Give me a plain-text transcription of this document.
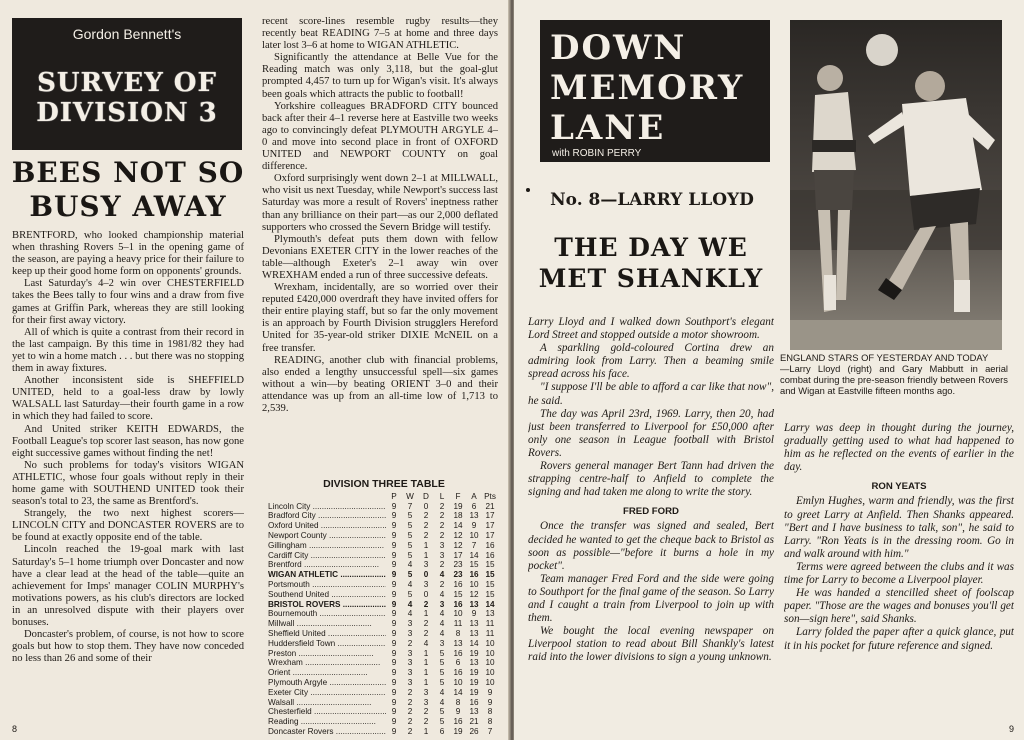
Gordon Bennett's
SURVEY OF
DIVISION 3
BEES NOT SO
BUSY AWAY

BRENTFORD, who looked championship material when thrashing Rovers 5–1 in the opening game of the season, are paying a heavy price for their failure to keep up their good home form on opponents' grounds.

Last Saturday's 4–2 win over CHESTERFIELD takes the Bees tally to four wins and a draw from five games at Griffin Park, whereas they are still looking for their first away victory.

All of which is quite a contrast from their record in the last campaign. By this time in 1981/82 they had yet to win a home match . . . but there was no stopping them in away fixtures.

Another inconsistent side is SHEFFIELD UNITED, held to a goal-less draw by lowly WALSALL last Saturday—their fourth game in a row in which they had failed to score.

And United striker KEITH EDWARDS, the Football League's top scorer last season, has now gone eight successive games without finding the net!

No such problems for today's visitors WIGAN ATHLETIC, whose four goals without reply in their home game with SOUTHEND UNITED took their season's total to 23, the same as Brentford's.

Strangely, the two next highest scorers—LINCOLN CITY and DONCASTER ROVERS are to be found at exactly opposite end of the table.

Lincoln reached the 19-goal mark with last Saturday's 5–1 home triumph over Doncaster and now have a clear lead at the head of the table—quite an achievement for Imps' manager COLIN MURPHY's motivations powers, as his club's directors are locked in an unresolved dispute with their players over bonuses.

Doncaster's problem, of course, is not how to score goals but how to stop them. They have now conceded no less than 26 and some of their

recent score-lines resemble rugby results—they recently beat READING 7–5 at home and three days later lost 3–6 at home to WIGAN ATHLETIC.

Significantly the attendance at Belle Vue for the Reading match was only 3,118, but the goal-glut prompted 4,457 to turn up for Wigan's visit. It's always been goals which attracts the public to football!

Yorkshire colleagues BRADFORD CITY bounced back after their 4–1 reverse here at Eastville two weeks ago to convincingly defeat PLYMOUTH ARGYLE 4–0 and move into second place in front of OXFORD UNITED and NEWPORT COUNTY on goal difference.

Oxford surprisingly went down 2–1 at MILLWALL, who visit us next Tuesday, while Newport's success last Saturday was more a result of Rovers' ineptness rather than any brilliance on their part—as our 2,000 deflated supporters who crossed the Severn Bridge will testify.

Plymouth's defeat puts them down with fellow Devonians EXETER CITY in the lower reaches of the table—although Exeter's 2–1 away win over WREXHAM ended a run of three successive defeats.

Wrexham, incidentally, are so worried over their reputed £420,000 overdraft they have invited offers for their entire playing staff, but so far the only movement is an approach by Fourth Division strugglers Hereford United for 35-year-old striker DIXIE McNEIL on a free transfer.

READING, another club with financial problems, also ended a lengthy unsuccessful spell—six games without a win—by beating ORIENT 3–0 and their attendance was up from an all-time low of 1,713 to 2,539.

DIVISION THREE TABLE
P	W	D	L	F	A Pts
Lincoln City .....	9	7	0	2	19	6	21
Bradford City .....	9	5	2	2	18 13 17
Oxford United .....	9	5	2	2	14	9	17
Newport County .....	9	5	2	2	12 10 17
Gillingham .....	9	5	1	3	12	7	16
Cardiff City .....	9	5	1	3	17 14 16
Brentford .....	9	4	3	2	23 15 15
WIGAN ATHLETIC .....	9	5	0	4	23 16 15
Portsmouth .....	9	4	3	2	16 10 15
Southend United .....	9	5	0	4	15 12 15
BRISTOL ROVERS .....	9	4	2	3	16 13 14
Bournemouth .....	9	4	1	4	10	9	13
Millwall .....	9	3	2	4	11 13 11
Sheffield United .....	9	3	2	4	8	13 11
Huddersfield Town .....	9	2	4	3	13 14 10
Preston .....	9	3	1	5	16 19 10
Wrexham .....	9	3	1	5	6	13 10
Orient .....	9	3	1	5	16 19 10
Plymouth Argyle .....	9	3	1	5	10 19 10
Exeter City .....	9	2	3	4	14 19	9
Walsall .....	9	2	3	4	8	16	9
Chesterfield .....	9	2	2	5	9	13	8
Reading .....	9	2	2	5	16 21	8
Doncaster Rovers .....	9	2	1	6	19 26	7
8
DOWN
MEMORY
LANE
with ROBIN PERRY
No. 8—LARRY LLOYD
THE DAY WE
MET SHANKLY

Larry Lloyd and I walked down Southport's elegant Lord Street and stopped outside a motor showroom.

A sparkling gold-coloured Cortina drew an admiring look from Larry. Then a beaming smile spread across his face.

"I suppose I'll be able to afford a car like that now", he said.

The day was April 23rd, 1969. Larry, then 20, had just been transferred to Liverpool for £50,000 after only one season in League football with Bristol Rovers.

Rovers general manager Bert Tann had driven the strapping centre-half to Anfield to complete the signing and had taken me along to write the story.

FRED FORD

Once the transfer was signed and sealed, Bert decided he wanted to get the cheque back to Bristol as soon as possible—"before it burns a hole in my pocket".

Team manager Fred Ford and the side were going to Southport for the final game of the season. So Larry and I caught a train from Liverpool to join up with them.

We bought the local evening newspaper on Liverpool station to read about Bill Shankly's latest raid into the lower divisions to sign a young unknown.

ENGLAND STARS OF YESTERDAY AND TODAY
—Larry Lloyd (right) and Gary Mabbutt in aerial combat during the pre-season friendly between Rovers and Wigan at Eastville fifteen months ago.

Larry was deep in thought during the journey, gradually getting used to what had happened to him as he reflected on the events of earlier in the day.

RON YEATS

Emlyn Hughes, warm and friendly, was the first to greet Larry at Anfield. Then Shanks appeared. "Bert and I have business to talk, son", he said to Larry. "Ron Yeats is in the dressing room. Go in and walk around with him."

Terms were agreed between the clubs and it was time for Larry to become a Liverpool player.

He was handed a stencilled sheet of foolscap paper. "Those are the wages and bonuses you'll get son—sign here", said Shanks.

Larry folded the paper after a quick glance, put it in his pocket for future reference and signed.

9
